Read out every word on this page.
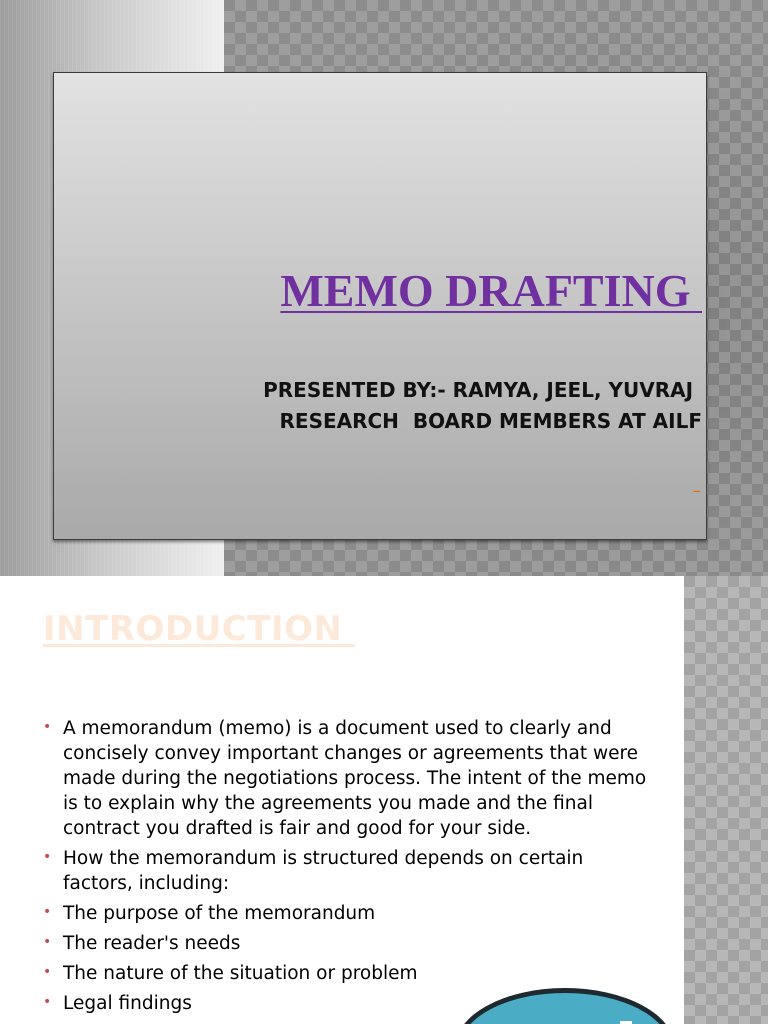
MEMO DRAFTING
PRESENTED BY:- RAMYA, JEEL, YUVRAJ
RESEARCH  BOARD MEMBERS AT AILF
_
INTRODUCTION
• A memorandum (memo) is a document used to clearly and concisely convey important changes or agreements that were made during the negotiations process. The intent of the memo is to explain why the agreements you made and the final contract you drafted is fair and good for your side.
• How the memorandum is structured depends on certain factors, including:
• The purpose of the memorandum
• The reader's needs
• The nature of the situation or problem
• Legal findings
